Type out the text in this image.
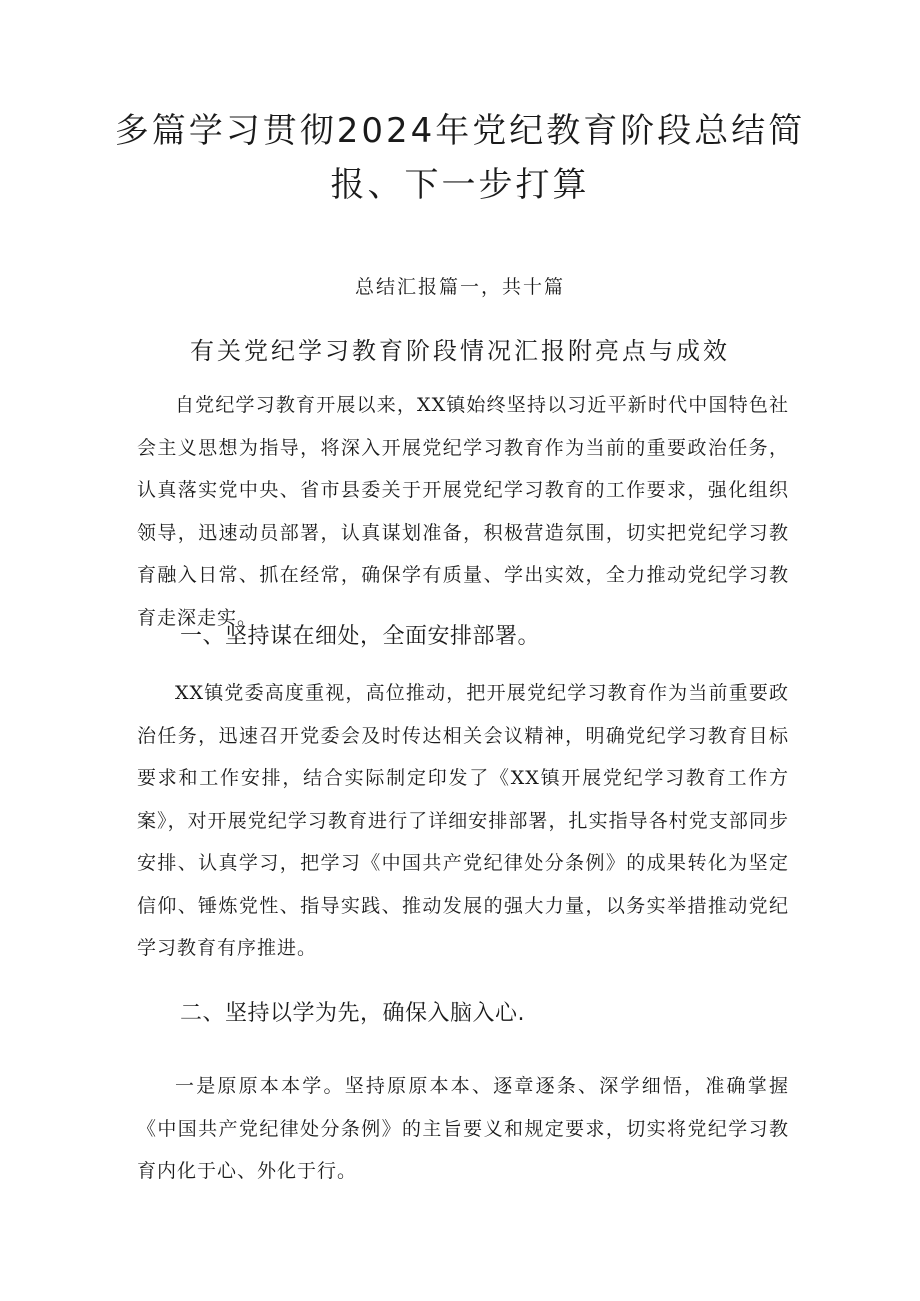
多篇学习贯彻2024年党纪教育阶段总结简报、下一步打算
总结汇报篇一，共十篇
有关党纪学习教育阶段情况汇报附亮点与成效

自党纪学习教育开展以来，XX镇始终坚持以习近平新时代中国特色社会主义思想为指导，将深入开展党纪学习教育作为当前的重要政治任务，认真落实党中央、省市县委关于开展党纪学习教育的工作要求，强化组织领导，迅速动员部署，认真谋划准备，积极营造氛围，切实把党纪学习教育融入日常、抓在经常，确保学有质量、学出实效，全力推动党纪学习教育走深走实。

一、坚持谋在细处，全面安排部署。

XX镇党委高度重视，高位推动，把开展党纪学习教育作为当前重要政治任务，迅速召开党委会及时传达相关会议精神，明确党纪学习教育目标要求和工作安排，结合实际制定印发了《XX镇开展党纪学习教育工作方案》，对开展党纪学习教育进行了详细安排部署，扎实指导各村党支部同步安排、认真学习，把学习《中国共产党纪律处分条例》的成果转化为坚定信仰、锤炼党性、指导实践、推动发展的强大力量，以务实举措推动党纪学习教育有序推进。

二、坚持以学为先，确保入脑入心.

一是原原本本学。坚持原原本本、逐章逐条、深学细悟，准确掌握《中国共产党纪律处分条例》的主旨要义和规定要求，切实将党纪学习教育内化于心、外化于行。
